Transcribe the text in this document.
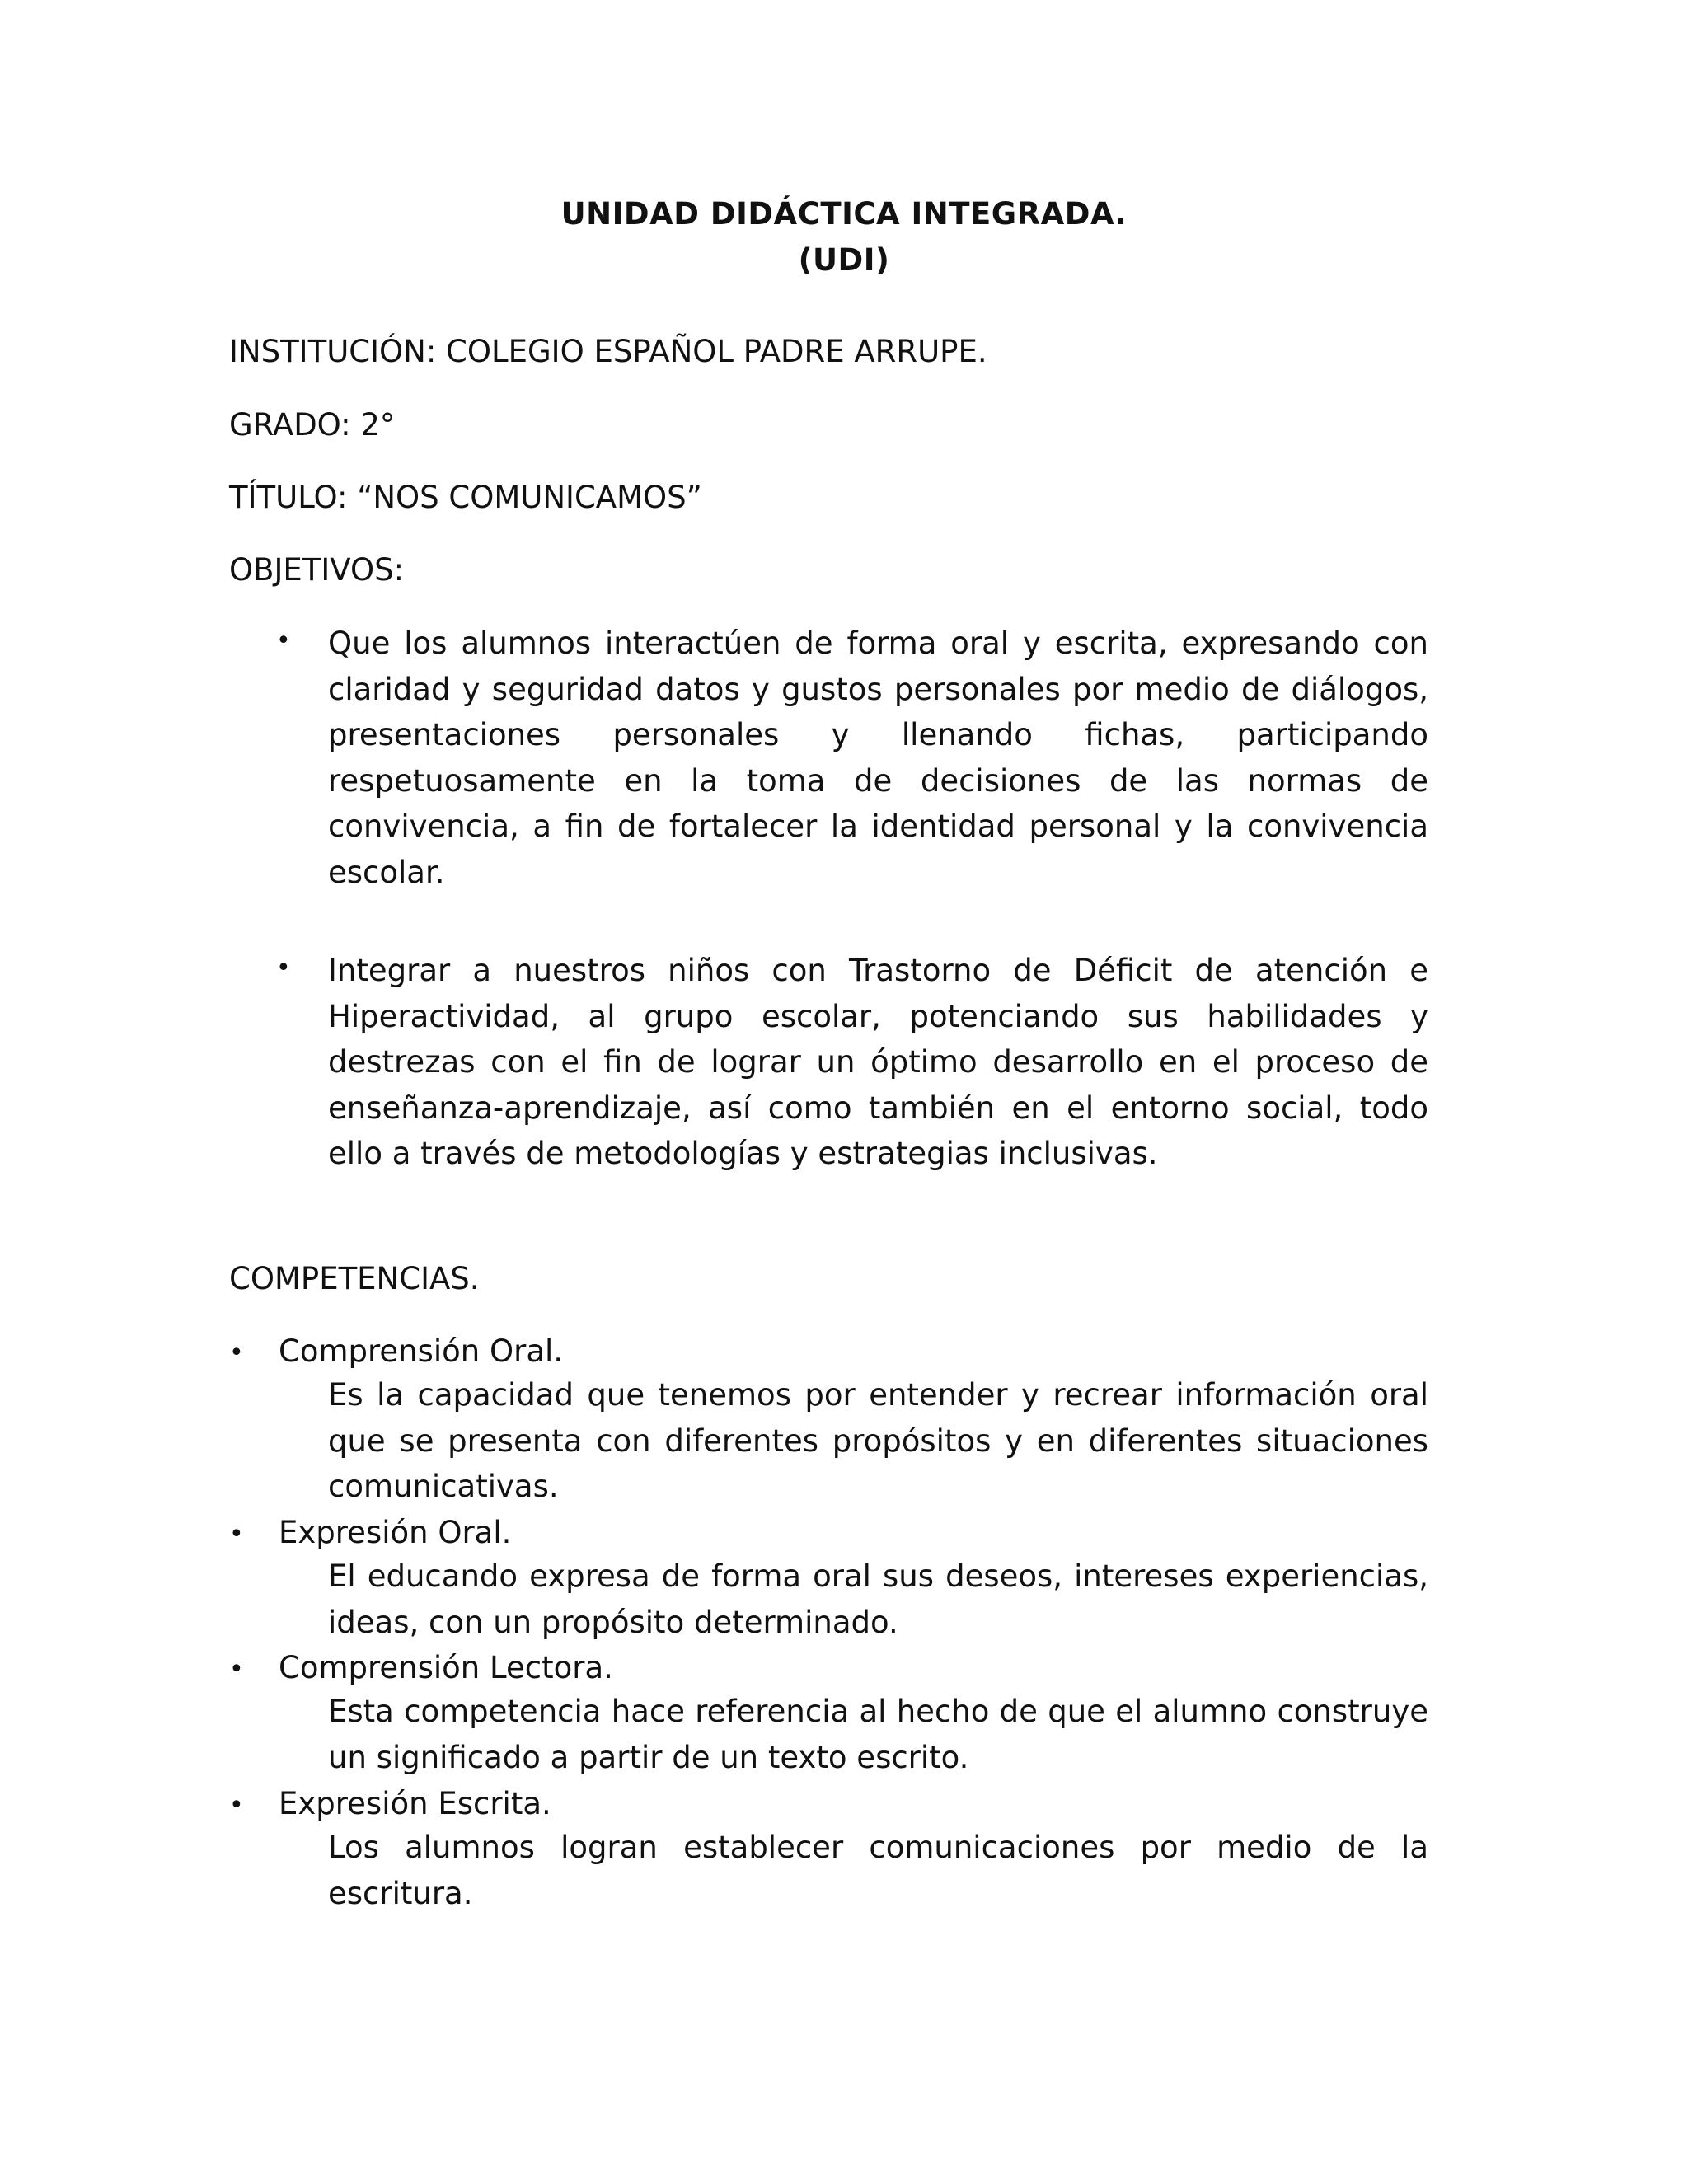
UNIDAD DIDÁCTICA INTEGRADA.
(UDI)
INSTITUCIÓN: COLEGIO ESPAÑOL PADRE ARRUPE.
GRADO: 2°
TÍTULO: “NOS COMUNICAMOS”
OBJETIVOS:
• Que los alumnos interactúen de forma oral y escrita, expresando con claridad y seguridad datos y gustos personales por medio de diálogos, presentaciones personales y llenando fichas, participando respetuosamente en la toma de decisiones de las normas de convivencia, a fin de fortalecer la identidad personal y la convivencia escolar.
• Integrar a nuestros niños con Trastorno de Déficit de atención e Hiperactividad, al grupo escolar, potenciando sus habilidades y destrezas con el fin de lograr un óptimo desarrollo en el proceso de enseñanza-aprendizaje, así como también en el entorno social, todo ello a través de metodologías y estrategias inclusivas.
COMPETENCIAS.
• Comprensión Oral.
Es la capacidad que tenemos por entender y recrear información oral que se presenta con diferentes propósitos y en diferentes situaciones comunicativas.
• Expresión Oral.
El educando expresa de forma oral sus deseos, intereses experiencias, ideas, con un propósito determinado.
• Comprensión Lectora.
Esta competencia hace referencia al hecho de que el alumno construye un significado a partir de un texto escrito.
• Expresión Escrita.
Los alumnos logran establecer comunicaciones por medio de la escritura.
